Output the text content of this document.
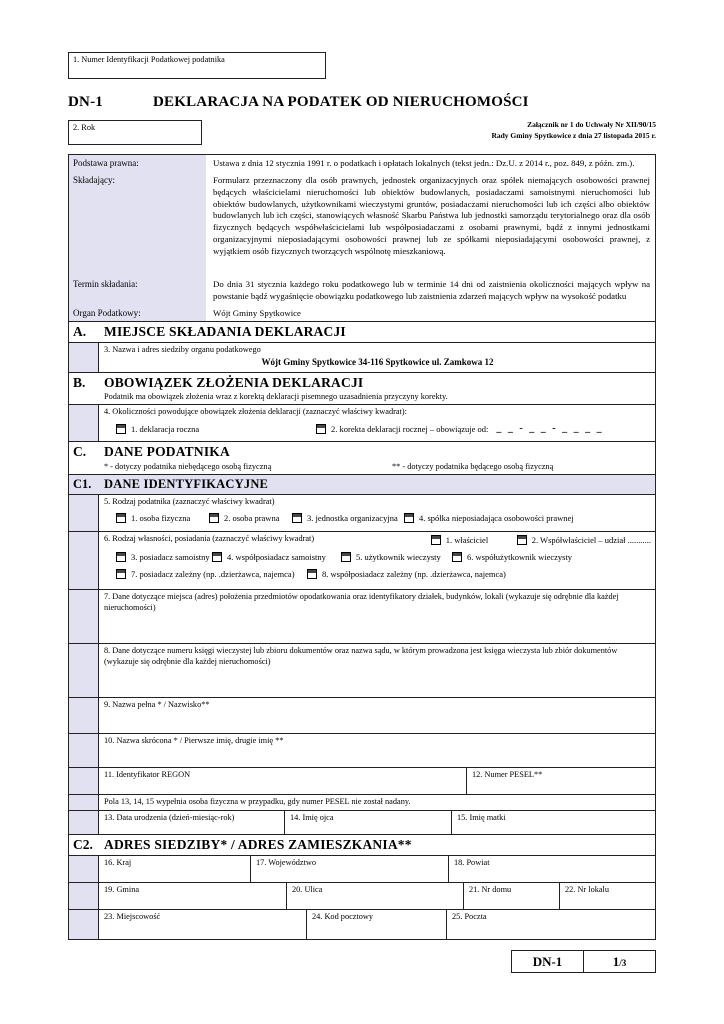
1. Numer Identyfikacji Podatkowej podatnika
DN-1	DEKLARACJA NA PODATEK OD NIERUCHOMOŚCI
2. Rok	Załącznik nr 1 do Uchwały Nr XII/90/15
Rady Gminy Spytkowice z dnia 27 listopada 2015 r.
Podstawa prawna:	Ustawa z dnia 12 stycznia 1991 r. o podatkach i opłatach lokalnych (tekst jedn.: Dz.U. z 2014 r., poz. 849, z późn. zm.).
Składający:	Formularz przeznaczony dla osób prawnych, jednostek organizacyjnych oraz spółek niemających osobowości prawnej będących właścicielami nieruchomości lub obiektów budowlanych, posiadaczami samoistnymi nieruchomości lub obiektów budowlanych, użytkownikami wieczystymi gruntów, posiadaczami nieruchomości lub ich części albo obiektów budowlanych lub ich części, stanowiących własność Skarbu Państwa lub jednostki samorządu terytorialnego oraz dla osób fizycznych będących współwłaścicielami lub współposiadaczami z osobami prawnymi, bądź z innymi jednostkami organizacyjnymi nieposiadającymi osobowości prawnej lub ze spółkami nieposiadającymi osobowości prawnej, z wyjątkiem osób fizycznych tworzących wspólnotę mieszkaniową.
Termin składania:	Do dnia 31 stycznia każdego roku podatkowego lub w terminie 14 dni od zaistnienia okoliczności mających wpływ na powstanie bądź wygaśnięcie obowiązku podatkowego lub zaistnienia zdarzeń mających wpływ na wysokość podatku
Organ Podatkowy:	Wójt Gminy Spytkowice
A.	MIEJSCE SKŁADANIA DEKLARACJI
3. Nazwa i adres siedziby organu podatkowego
Wójt Gminy Spytkowice 34-116 Spytkowice ul. Zamkowa 12
B.	OBOWIĄZEK ZŁOŻENIA DEKLARACJI
Podatnik ma obowiązek złożenia wraz z korektą deklaracji pisemnego uzasadnienia przyczyny korekty.
4. Okoliczności powodujące obowiązek złożenia deklaracji (zaznaczyć właściwy kwadrat):
1. deklaracja roczna	2. korekta deklaracji rocznej – obowiązuje od: _ _ - _ _ - _ _ _ _
C.	DANE PODATNIKA
* - dotyczy podatnika niebędącego osobą fizyczną	** - dotyczy podatnika będącego osobą fizyczną
C1.	DANE IDENTYFIKACYJNE
5. Rodzaj podatnika (zaznaczyć właściwy kwadrat)
1. osoba fizyczna	2. osoba prawna	3. jednostka organizacyjna	4. spółka nieposiadająca osobowości prawnej
6. Rodzaj własności, posiadania (zaznaczyć właściwy kwadrat)	1. właściciel	2. Współwłaściciel – udział ...........
3. posiadacz samoistny 4. współposiadacz samoistny	5. użytkownik wieczysty	6. współużytkownik wieczysty
7. posiadacz zależny (np. .dzierżawca, najemca)	8. współposiadacz zależny (np. .dzierżawca, najemca)
7. Dane dotyczące miejsca (adres) położenia przedmiotów opodatkowania oraz identyfikatory działek, budynków, lokali (wykazuje się odrębnie dla każdej nieruchomości)
8. Dane dotyczące numeru księgi wieczystej lub zbioru dokumentów oraz nazwa sądu, w którym prowadzona jest księga wieczysta lub zbiór dokumentów (wykazuje się odrębnie dla każdej nieruchomości)
9. Nazwa pełna * / Nazwisko**
10. Nazwa skrócona * / Pierwsze imię, drugie imię **
11. Identyfikator REGON	12. Numer PESEL**
Pola 13, 14, 15 wypełnia osoba fizyczna w przypadku, gdy numer PESEL nie został nadany.
13. Data urodzenia (dzień-miesiąc-rok)	14. Imię ojca	15. Imię matki
C2. ADRES SIEDZIBY* / ADRES ZAMIESZKANIA**
16. Kraj	17. Województwo	18. Powiat
19. Gmina	20. Ulica	21. Nr domu	22. Nr lokalu
23. Miejscowość	24. Kod pocztowy	25. Poczta
DN-1	1/3
